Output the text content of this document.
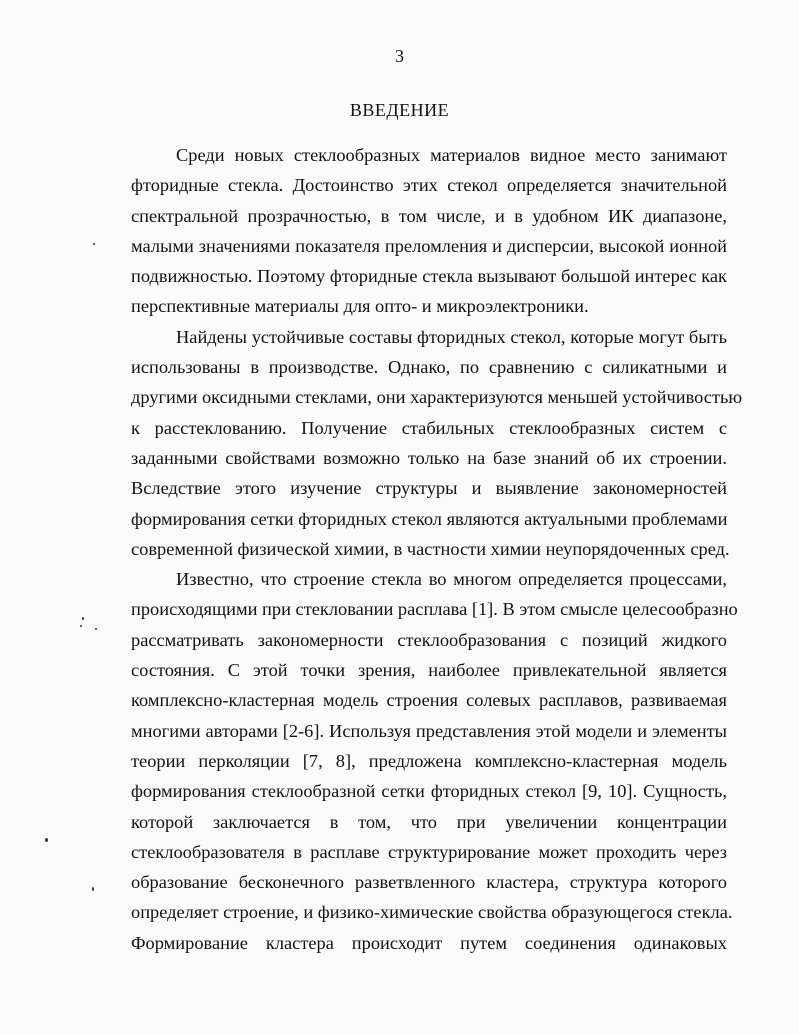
3
ВВЕДЕНИЕ
Среди новых стеклообразных материалов видное место занимают
фторидные стекла. Достоинство этих стекол определяется значительной
спектральной прозрачностью, в том числе, и в удобном ИК диапазоне,
малыми значениями показателя преломления и дисперсии, высокой ионной
подвижностью. Поэтому фторидные стекла вызывают большой интерес как
перспективные материалы для опто- и микроэлектроники.
Найдены устойчивые составы фторидных стекол, которые могут быть
использованы в производстве. Однако, по сравнению с силикатными и
другими оксидными стеклами, они характеризуются меньшей устойчивостью
к расстеклованию. Получение стабильных стеклообразных систем с
заданными свойствами возможно только на базе знаний об их строении.
Вследствие этого изучение структуры и выявление закономерностей
формирования сетки фторидных стекол являются актуальными проблемами
современной физической химии, в частности химии неупорядоченных сред.
Известно, что строение стекла во многом определяется процессами,
происходящими при стекловании расплава [1]. В этом смысле целесообразно
рассматривать закономерности стеклообразования с позиций жидкого
состояния. С этой точки зрения, наиболее привлекательной является
комплексно-кластерная модель строения солевых расплавов, развиваемая
многими авторами [2-6]. Используя представления этой модели и элементы
теории перколяции [7, 8], предложена комплексно-кластерная модель
формирования стеклообразной сетки фторидных стекол [9, 10]. Сущность,
которой заключается в том, что при увеличении концентрации
стеклообразователя в расплаве структурирование может проходить через
образование бесконечного разветвленного кластера, структура которого
определяет строение, и физико-химические свойства образующегося стекла.
Формирование кластера происходит путем соединения одинаковых
